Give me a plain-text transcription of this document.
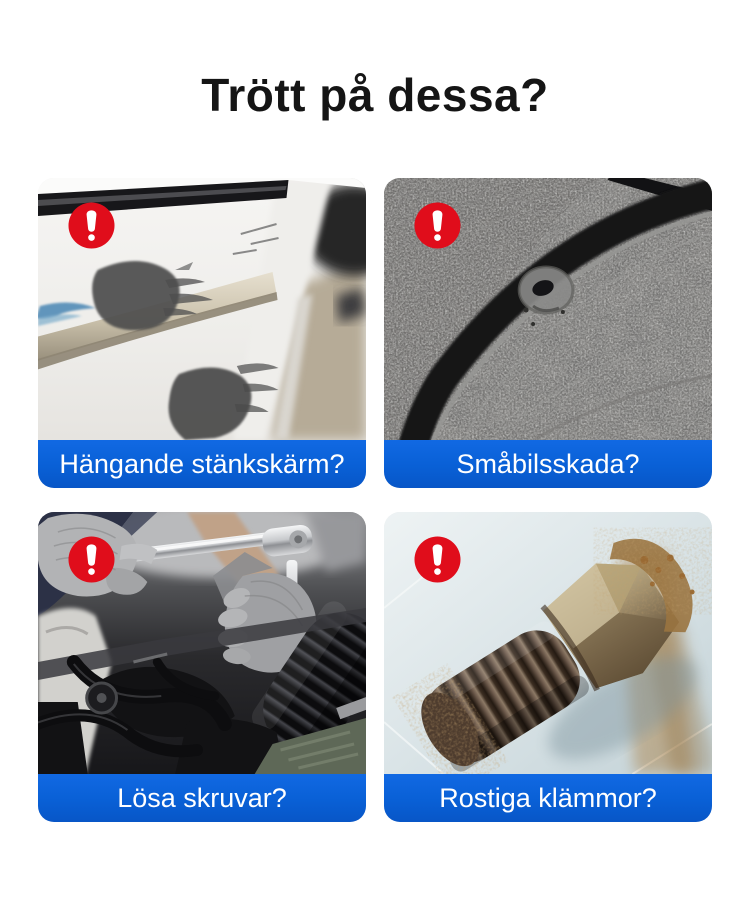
Trött på dessa?
Hängande stänkskärm?	Småbilsskada?
Lösa skruvar?	Rostiga klämmor?
